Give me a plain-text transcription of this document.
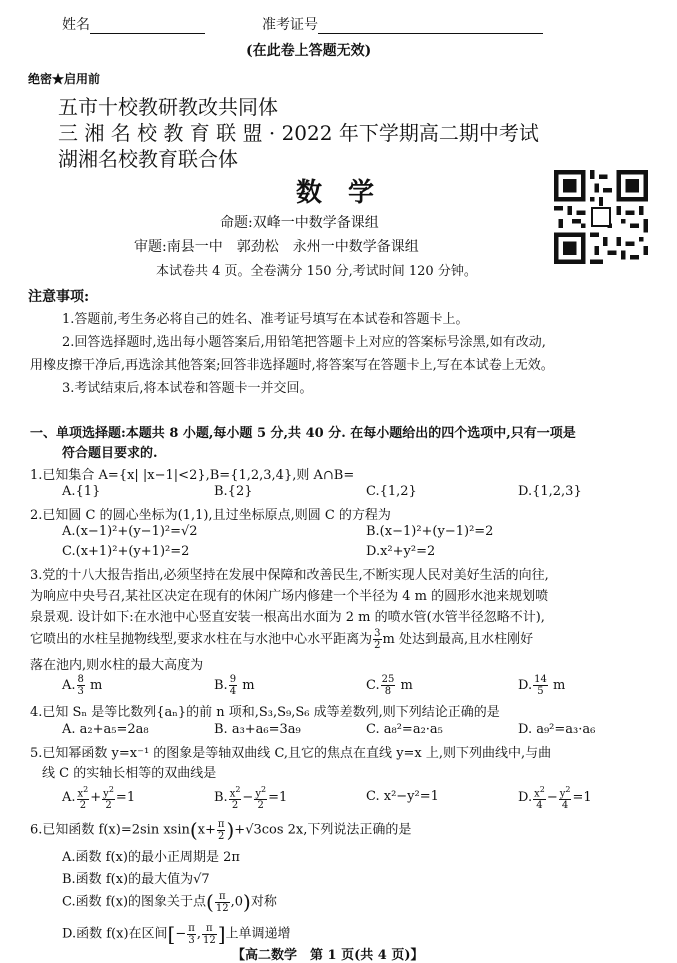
姓名	准考证号
(在此卷上答题无效)
绝密★启用前
五市十校教研教改共同体
三 湘 名 校 教 育 联 盟 · 2022 年下学期高二期中考试
湖湘名校教育联合体
数　学
命题:双峰一中数学备课组
审题:南县一中　郭劲松　永州一中数学备课组
本试卷共 4 页。全卷满分 150 分,考试时间 120 分钟。
注意事项:
1.答题前,考生务必将自己的姓名、准考证号填写在本试卷和答题卡上。
2.回答选择题时,选出每小题答案后,用铅笔把答题卡上对应的答案标号涂黑,如有改动,
用橡皮擦干净后,再选涂其他答案;回答非选择题时,将答案写在答题卡上,写在本试卷上无效。
3.考试结束后,将本试卷和答题卡一并交回。
一、单项选择题:本题共 8 小题,每小题 5 分,共 40 分. 在每小题给出的四个选项中,只有一项是
符合题目要求的.
1.已知集合 A={x| |x−1|<2},B={1,2,3,4},则 A∩B=
A.{1}	B.{2}	C.{1,2}	D.{1,2,3}
2.已知圆 C 的圆心坐标为(1,1),且过坐标原点,则圆 C 的方程为
A.(x−1)²+(y−1)²=√2	B.(x−1)²+(y−1)²=2
C.(x+1)²+(y+1)²=2	D.x²+y²=2
3.党的十八大报告指出,必须坚持在发展中保障和改善民生,不断实现人民对美好生活的向往,
为响应中央号召,某社区决定在现有的休闲广场内修建一个半径为 4 m 的圆形水池来规划喷
泉景观. 设计如下:在水池中心竖直安装一根高出水面为 2 m 的喷水管(水管半径忽略不计),
它喷出的水柱呈抛物线型,要求水柱在与水池中心水平距离为 $\frac{3}{2}$ m 处达到最高,且水柱刚好
落在池内,则水柱的最大高度为
A. $\frac{8}{3}$ m	B. $\frac{9}{4}$ m	C. $\frac{25}{8}$ m	D. $\frac{14}{5}$ m
4.已知 Sₙ 是等比数列{aₙ}的前 n 项和,S₃,S₉,S₆ 成等差数列,则下列结论正确的是
A. a₂+a₅=2a₈	B. a₃+a₆=3a₉	C. a₈²=a₂·a₅	D. a₉²=a₃·a₆
5.已知幂函数 y=x⁻¹ 的图象是等轴双曲线 C,且它的焦点在直线 y=x 上,则下列曲线中,与曲
线 C 的实轴长相等的双曲线是
A. $\frac{x^2}{2} + \frac{y^2}{2} =1$	B. $\frac{x^2}{2} - \frac{y^2}{2} =1$	C. x²−y²=1	D. $\frac{x^2}{4} - \frac{y^2}{4} =1$
6.已知函数 f(x)=2sin $xsin(x+ \frac{\pi}{2} )+√3\cos$ 2x,下列说法正确的是
A.函数 f(x)的最小正周期是 2π
B.函数 f(x)的最大值为√7
C.函数 f(x)的图象关于点( $\frac{\pi}{12} ,0$)对称
D.函数 f(x)在区间[− $\frac{\pi}{3}$ , $\frac{\pi}{12}$ ]上单调递增
【高二数学　第 1 页(共 4 页)】
